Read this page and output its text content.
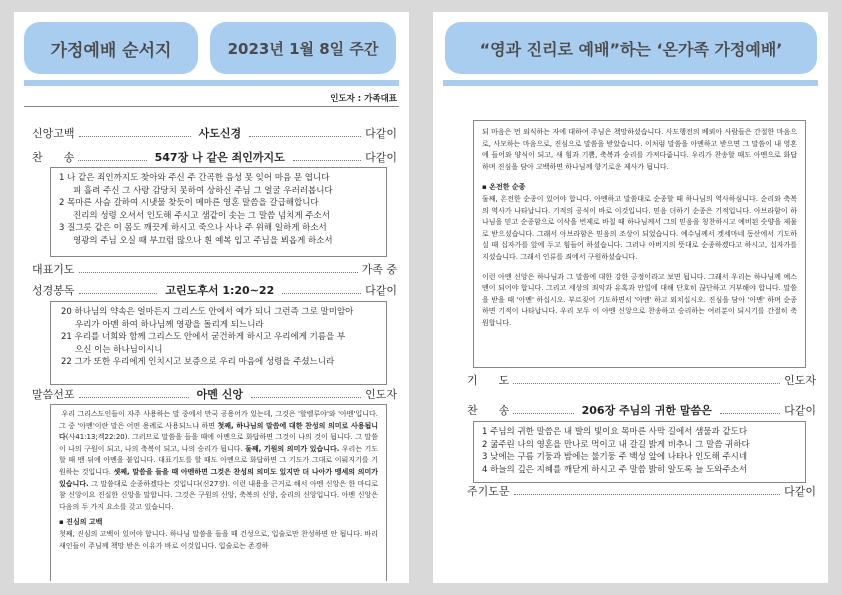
가정예배 순서지	2023년 1월 8일 주간
인도자 : 가족대표
신앙고백	사도신경	다같이
찬      송	547장 나 같은 죄인까지도	다같이
1 나 같은 죄인까지도 찾아와 주신 주 간곡한 음성 못 잊어 마음 문 엽니다
피 흘려 주신 그 사랑 감당치 못하여 상하신 주님 그 얼굴 우러러봅니다
2 목마른 사슴 갈하여 시냇물 찾듯이 메마른 영혼 말씀을 갈급해합니다
진리의 성령 오셔서 인도해 주시고 샘같이 솟는 그 말씀 넘치게 주소서
3 질그릇 같은 이 몸도 깨끗게 하시고 죽으나 사나 주 위해 일하게 하소서
영광의 주님 오실 때 부끄럼 많으나 흰 예복 입고 주님을 뵈옵게 하소서
대표기도	가족 중
성경봉독	고린도후서 1:20~22	다같이
20 하나님의 약속은 얼마든지 그리스도 안에서 예가 되니 그런즉 그로 말미암아
우리가 아멘 하여 하나님께 영광을 돌리게 되느니라
21 우리를 너희와 함께 그리스도 안에서 굳건하게 하시고 우리에게 기름을 부
으신 이는 하나님이시니
22 그가 또한 우리에게 인치시고 보증으로 우리 마음에 성령을 주셨느니라
말씀선포	아멘 신앙	인도자
우리 그리스도인들이 자주 사용하는 말 중에서 만국 공용어가 있는데, 그것은 '할렐루야'와 '아멘'입니다. 그 중 '아멘'이란 말은 어떤 용례로 사용되느냐 하면 첫째, 하나님의 말씀에 대한 찬성의 의미로 사용됩니다(사41:13;겍22:20). 그러므로 말씀을 들을 때에 아멘으로 화답하면 그것이 나의 것이 됩니다. 그 말씀이 나의 구원이 되고, 나의 축복이 되고, 나의 승리가 됩니다. 둘째, 기원의 의미가 있습니다. 우리는 기도할 때 맨 뒤에 아멘을 붙입니다. 대표기도를 할 때도 아멘으로 화답하면 그 기도가 그대로 이뤄지기를 기원하는 것입니다. 셋째, 말씀을 들을 때 아멘하면 그것은 찬성의 의미도 있지만 더 나아가 맹세의 의미가 있습니다. 그 말씀대로 순종하겠다는 것입니다(신27장). 이런 내용을 근거로 해서 아멘 신앙은 한 마디로 참 신앙이요 진실한 신앙을 말합니다. 그것은 구원의 신앙, 축복의 신앙, 승리의 신앙입니다. 아멘 신앙은 다음의 두 가지 요소를 갖고 있습니다.
▪ 진심의 고백
첫째, 진심의 고백이 있어야 합니다. 하나님 말씀을 들을 때 건성으로, 입술로만 찬성하면 안 됩니다. 바리새인들이 주님께 책망 받은 이유가 바로 이것입니다. 입술로는 존경하
“영과 진리로 예배”하는 ‘온가족 가정예배’
되 마음은 먼 외식하는 자에 대하여 주님은 책망하셨습니다. 사도행전의 베뢰아 사람들은 간절한 마음으로, 사모하는 마음으로, 진심으로 말씀을 받았습니다. 이처럼 말씀을 아멘하고 받으면 그 말씀이 내 영혼에 들어와 양식이 되고, 새 힘과 기쁨, 축복과 승리를 가져다줍니다. 우리가 찬송할 때도 아멘으로 화답하며 진심을 담아 고백하면 하나님께 향기로운 제사가 됩니다.
▪ 온전한 순종
둘째, 온전한 순종이 있어야 합니다. 아멘하고 말씀대로 순종할 때 하나님의 역사하심니다. 순리와 축복의 역사가 나타납니다. 기적의 공식이 바로 이것입니다. 믿음 더하기 순종은 기적입니다. 아브라함이 하나님을 믿고 순종함으로 이삭을 번제로 바칠 때 하나님께서 그의 믿음을 칭찬하시고 예비된 숫양을 제물로 받으셨습니다. 그래서 아브라함은 믿음의 조상이 되었습니다. 예수님께서 겟세마네 동산에서 기도하실 때 십자가를 앞에 두고 힘들어 하셨습니다. 그러나 아버지의 뜻대로 순종하겠다고 하시고, 십자가를 지셨습니다. 그래서 인류를 죄에서 구원하셨습니다.
이런 아멘 신앙은 하나님과 그 말씀에 대한 강한 긍정이라고 보면 됩니다. 그래서 우리는 하나님께 예스맨이 되어야 합니다. 그리고 세상의 죄악과 유혹과 안일에 대해 단호히 끊단하고 거부해야 합니다. 말씀을 받을 때 '아멘' 하십시오. 부르짖어 기도하면서 '아멘' 하고 외치십시오. 진심을 담아 '아멘' 하며 순종하면 기적이 나타납니다. 우리 모두 이 아멘 신앙으로 찬송하고 승리하는 여러분이 되시기를 간절히 축원합니다.
기      도	인도자
찬      송	206장 주님의 귀한 말씀은	다같이
1 주님의 귀한 말씀은 내 발의 빛이요 목마른 사막 길에서 샘물과 같도다
2 굶주린 나의 영혼을 만나로 먹이고 내 갈길 밝게 비추니 그 말씀 귀하다
3 낮에는 구름 기둥과 밤에는 불기둥 주 백성 앞에 나타나 인도해 주시네
4 하늘의 깊은 지혜를 깨닫게 하시고 주 말씀 밝히 알도록 늘 도와주소서
주기도문	다같이
